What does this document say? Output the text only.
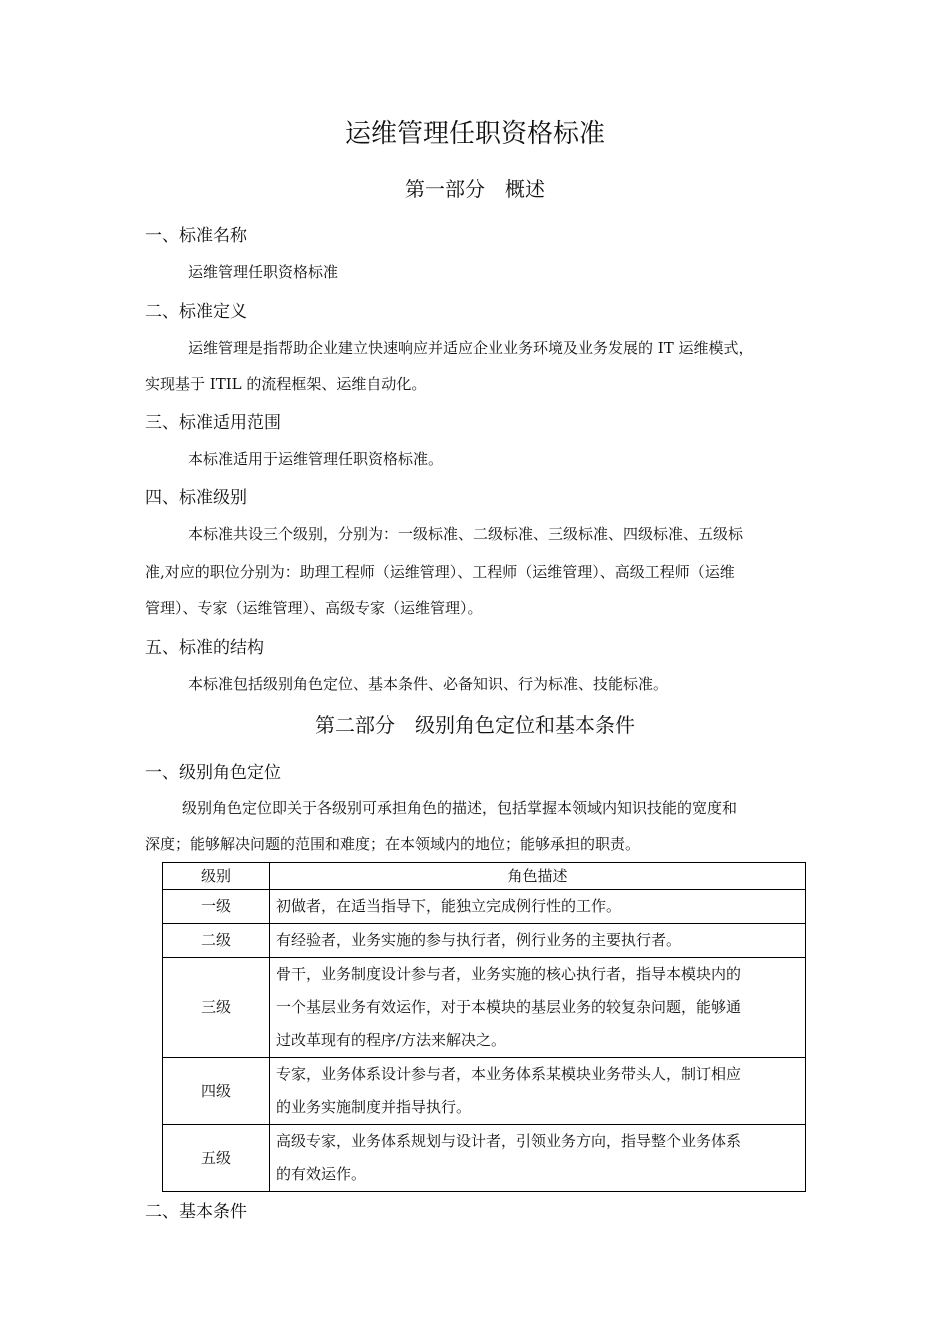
运维管理任职资格标准
第一部分　概述
一、标准名称
运维管理任职资格标准
二、标准定义
运维管理是指帮助企业建立快速响应并适应企业业务环境及业务发展的 IT 运维模式，
实现基于 ITIL 的流程框架、运维自动化。
三、标准适用范围
本标准适用于运维管理任职资格标准。
四、标准级别
本标准共设三个级别，分别为：一级标准、二级标准、三级标准、四级标准、五级标
准,对应的职位分别为：助理工程师（运维管理）、工程师（运维管理）、高级工程师（运维
管理）、专家（运维管理）、高级专家（运维管理）。
五、标准的结构
本标准包括级别角色定位、基本条件、必备知识、行为标准、技能标准。
第二部分　级别角色定位和基本条件
一、级别角色定位
级别角色定位即关于各级别可承担角色的描述，包括掌握本领域内知识技能的宽度和
深度；能够解决问题的范围和难度；在本领域内的地位；能够承担的职责。
级别	角色描述
一级	初做者，在适当指导下，能独立完成例行性的工作。

二级	有经验者，业务实施的参与执行者，例行业务的主要执行者。

三级	骨干，业务制度设计参与者，业务实施的核心执行者，指导本模块内的
一个基层业务有效运作，对于本模块的基层业务的较复杂问题，能够通
过改革现有的程序/方法来解决之。

四级	专家，业务体系设计参与者，本业务体系某模块业务带头人，制订相应
的业务实施制度并指导执行。

五级	高级专家，业务体系规划与设计者，引领业务方向，指导整个业务体系
的有效运作。
二、基本条件
